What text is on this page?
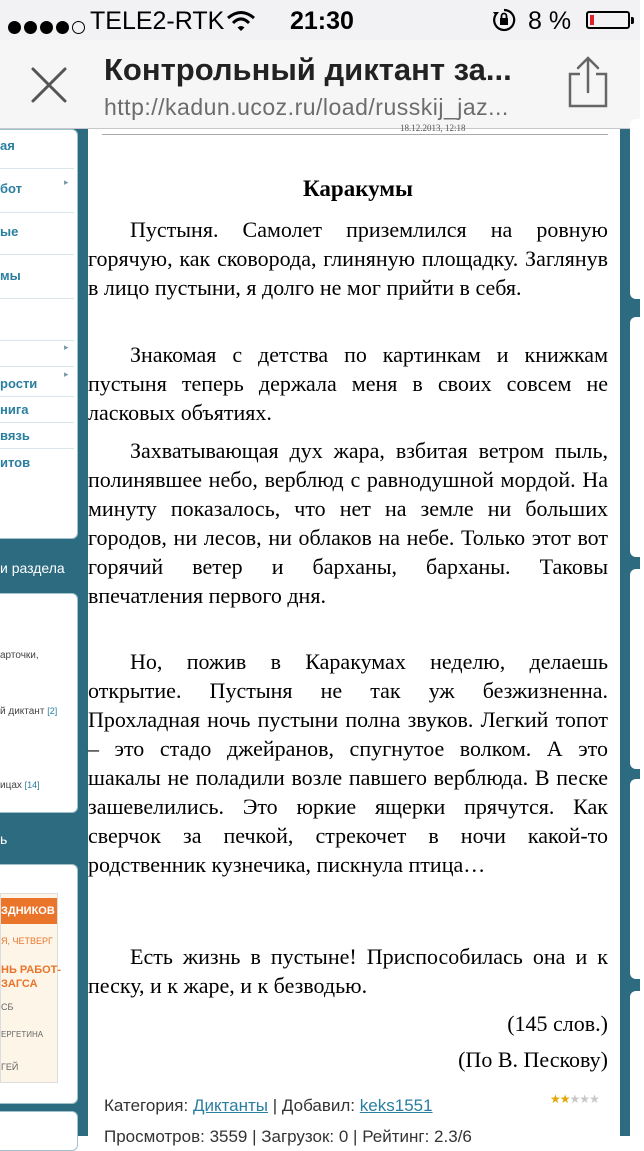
TELE2-RTK	21:30	8 %
Контрольный диктант за...
http://kadun.ucoz.ru/load/russkij_jaz...
ая
бот	▸
ые
мы
▸
рости
▸
нига
вязь
итов
и раздела
арточки,
й диктант [2]
ицах [14]
ь
ЗДНИКОВ
Я, ЧЕТВЕРГ
НЬ РАБОТ-
ЗАГСА
СБ
ЕРГЕТИНА
ГЕЙ
18.12.2013, 12:18
Каракумы

Пустыня. Самолет приземлился на ровную горячую, как сковорода, глиняную площадку. Заглянув в лицо пустыни, я долго не мог прийти в себя.

Знакомая с детства по картинкам и книжкам пустыня теперь держала меня в своих совсем не ласковых объятиях.

Захватывающая дух жара, взбитая ветром пыль, полинявшее небо, верблюд с равнодушной мордой. На минуту показалось, что нет на земле ни больших городов, ни лесов, ни облаков на небе. Только этот вот горячий ветер и барханы, барханы. Таковы впечатления первого дня.

Но, пожив в Каракумах неделю, делаешь открытие. Пустыня не так уж безжизненна. Прохладная ночь пустыни полна звуков. Легкий топот – это стадо джейранов, спугнутое волком. А это шакалы не поладили возле павшего верблюда. В песке зашевелились. Это юркие ящерки прячутся. Как сверчок за печкой, стрекочет в ночи какой-то родственник кузнечика, пискнула птица…

Есть жизнь в пустыне! Приспособилась она и к песку, и к жаре, и к безводью.

(145 слов.)
(По В. Пескову)
Категория: Диктанты | Добавил: keks1551	★★★★★
Просмотров: 3559 | Загрузок: 0 | Рейтинг: 2.3/6
